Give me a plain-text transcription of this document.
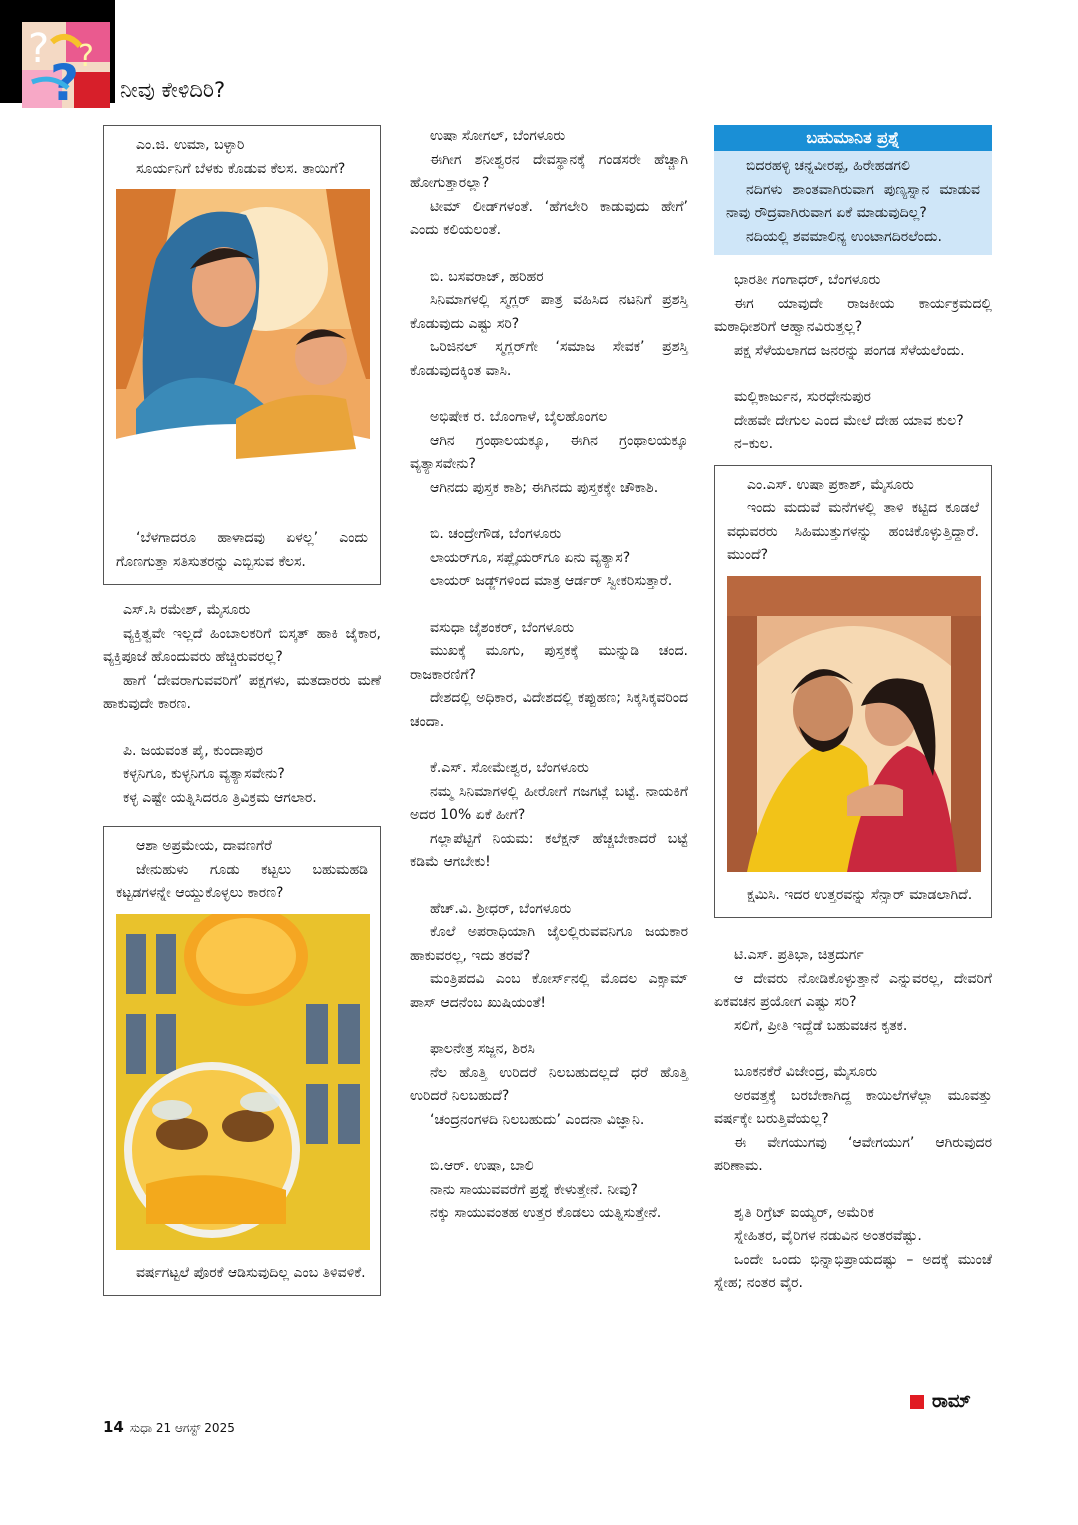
?
?
?
ನೀವು ಕೇಳಿದಿರಿ?
ಎಂ.ಜಿ. ಉಮಾ, ಬಳ್ಳಾರಿ
ಸೂರ್ಯನಿಗೆ ಬೆಳಕು ಕೊಡುವ ಕೆಲಸ. ತಾಯಿಗೆ?
‘ಬೆಳಗಾದರೂ ಹಾಳಾದವು ಏಳಲ್ಲ’ ಎಂದು ಗೊಣಗುತ್ತಾ ಸತಿಸುತರನ್ನು ಎಬ್ಬಿಸುವ ಕೆಲಸ.
ಎಸ್.ಸಿ ರಮೇಶ್, ಮೈಸೂರು
ವ್ಯಕ್ತಿತ್ವವೇ ಇಲ್ಲದೆ ಹಿಂಬಾಲಕರಿಗೆ ಬಿಸ್ಕತ್ ಹಾಕಿ ಜೈಕಾರ, ವ್ಯಕ್ತಿಪೂಜೆ ಹೊಂದುವರು ಹೆಚ್ಚಿರುವರಲ್ಲ?
ಹಾಗೆ ‘ದೇವರಾಗುವವರಿಗೆ’ ಪಕ್ಷಗಳು, ಮತದಾರರು ಮಣೆ ಹಾಕುವುದೇ ಕಾರಣ.
ಪಿ. ಜಯವಂತ ಪೈ, ಕುಂದಾಪುರ
ಕಳ್ಳನಿಗೂ, ಕುಳ್ಳನಿಗೂ ವ್ಯತ್ಯಾಸವೇನು?
ಕಳ್ಳ ಎಷ್ಟೇ ಯತ್ನಿಸಿದರೂ ತ್ರಿವಿಕ್ರಮ ಆಗಲಾರ.
ಆಶಾ ಅಪ್ರಮೇಯ, ದಾವಣಗೆರೆ
ಜೇನುಹುಳು ಗೂಡು ಕಟ್ಟಲು ಬಹುಮಹಡಿ ಕಟ್ಟಡಗಳನ್ನೇ ಆಯ್ದುಕೊಳ್ಳಲು ಕಾರಣ?
ವರ್ಷಗಟ್ಟಲೆ ಪೊರಕೆ ಆಡಿಸುವುದಿಲ್ಲ ಎಂಬ ತಿಳಿವಳಿಕೆ.
ಉಷಾ ಸೋಗಲ್, ಬೆಂಗಳೂರು
ಈಗೀಗ ಶನೀಶ್ವರನ ದೇವಸ್ಥಾನಕ್ಕೆ ಗಂಡಸರೇ ಹೆಚ್ಚಾಗಿ ಹೋಗುತ್ತಾರಲ್ಲಾ?
ಟೀಮ್ ಲೀಡ್‌ಗಳಂತೆ. ‘ಹೆಗಲೇರಿ ಕಾಡುವುದು ಹೇಗೆ’ ಎಂದು ಕಲಿಯಲಂತೆ.
ಬಿ. ಬಸವರಾಜ್, ಹರಿಹರ
ಸಿನಿಮಾಗಳಲ್ಲಿ ಸ್ಮಗ್ಲರ್ ಪಾತ್ರ ವಹಿಸಿದ ನಟನಿಗೆ ಪ್ರಶಸ್ತಿ ಕೊಡುವುದು ಎಷ್ಟು ಸರಿ?
ಒರಿಜಿನಲ್ ಸ್ಮಗ್ಲರ್‌ಗೇ ‘ಸಮಾಜ ಸೇವಕ’ ಪ್ರಶಸ್ತಿ ಕೊಡುವುದಕ್ಕಿಂತ ವಾಸಿ.
ಅಭಿಷೇಕ ರ. ಬೊಂಗಾಳೆ, ಬೈಲಹೊಂಗಲ
ಆಗಿನ ಗ್ರಂಥಾಲಯಕ್ಕೂ, ಈಗಿನ ಗ್ರಂಥಾಲಯಕ್ಕೂ ವ್ಯತ್ಯಾಸವೇನು?
ಆಗಿನದು ಪುಸ್ತಕ ಕಾಶಿ; ಈಗಿನದು ಪುಸ್ತಕಕ್ಕೇ ಚೌಕಾಶಿ.
ಬಿ. ಚಂದ್ರೇಗೌಡ, ಬೆಂಗಳೂರು
ಲಾಯರ್‌ಗೂ, ಸಪ್ಲೈಯರ್‌ಗೂ ಏನು ವ್ಯತ್ಯಾಸ?
ಲಾಯರ್ ಜಡ್ಜ್‌ಗಳಿಂದ ಮಾತ್ರ ಆರ್ಡರ್ ಸ್ವೀಕರಿಸುತ್ತಾರೆ.
ವಸುಧಾ ಜೈಶಂಕರ್, ಬೆಂಗಳೂರು
ಮುಖಕ್ಕೆ ಮೂಗು, ಪುಸ್ತಕಕ್ಕೆ ಮುನ್ನುಡಿ ಚಂದ. ರಾಜಕಾರಣಿಗೆ?
ದೇಶದಲ್ಲಿ ಅಧಿಕಾರ, ವಿದೇಶದಲ್ಲಿ ಕಪ್ಪುಹಣ; ಸಿಕ್ಕಸಿಕ್ಕವರಿಂದ ಚಂದಾ.
ಕೆ.ಎಸ್. ಸೋಮೇಶ್ವರ, ಬೆಂಗಳೂರು
ನಮ್ಮ ಸಿನಿಮಾಗಳಲ್ಲಿ ಹೀರೋಗೆ ಗಜಗಟ್ಲೆ ಬಟ್ಟೆ. ನಾಯಕಿಗೆ ಅದರ 10% ಏಕೆ ಹೀಗೆ?
ಗಲ್ಲಾಪೆಟ್ಟಿಗೆ ನಿಯಮ: ಕಲೆಕ್ಷನ್ ಹೆಚ್ಚಬೇಕಾದರೆ ಬಟ್ಟೆ ಕಡಿಮೆ ಆಗಬೇಕು!
ಹೆಚ್.ವಿ. ಶ್ರೀಧರ್, ಬೆಂಗಳೂರು
ಕೊಲೆ ಅಪರಾಧಿಯಾಗಿ ಜೈಲಲ್ಲಿರುವವನಿಗೂ ಜಯಕಾರ ಹಾಕುವರಲ್ಲ, ಇದು ತರವೆ?
ಮಂತ್ರಿಪದವಿ ಎಂಬ ಕೋರ್ಸ್‌ನಲ್ಲಿ ಮೊದಲ ಎಕ್ಸಾಮ್ ಪಾಸ್ ಆದನೆಂಬ ಖುಷಿಯಂತೆ!
ಫಾಲನೇತ್ರ ಸಜ್ಜನ, ಶಿರಸಿ
ನೆಲ ಹೊತ್ತಿ ಉರಿದರೆ ನಿಲಬಹುದಲ್ಲದೆ ಧರೆ ಹೊತ್ತಿ ಉರಿದರೆ ನಿಲಬಹುದೆ?
‘ಚಂದ್ರನಂಗಳದಿ ನಿಲಬಹುದು’ ಎಂದನಾ ವಿಜ್ಞಾನಿ.
ಬಿ.ಆರ್. ಉಷಾ, ಬಾಲಿ
ನಾನು ಸಾಯುವವರೆಗೆ ಪ್ರಶ್ನೆ ಕೇಳುತ್ತೇನೆ. ನೀವು?
ನಕ್ಕು ಸಾಯುವಂತಹ ಉತ್ತರ ಕೊಡಲು ಯತ್ನಿಸುತ್ತೇನೆ.
ಬಹುಮಾನಿತ ಪ್ರಶ್ನೆ
ಬಿದರಹಳ್ಳಿ ಚನ್ನವೀರಪ್ಪ, ಹಿರೇಹಡಗಲಿ
ನದಿಗಳು ಶಾಂತವಾಗಿರುವಾಗ ಪುಣ್ಯಸ್ನಾನ ಮಾಡುವ ನಾವು ರೌದ್ರವಾಗಿರುವಾಗ ಏಕೆ ಮಾಡುವುದಿಲ್ಲ?
ನದಿಯಲ್ಲಿ ಶವಮಾಲಿನ್ಯ ಉಂಟಾಗದಿರಲೆಂದು.
ಭಾರತೀ ಗಂಗಾಧರ್, ಬೆಂಗಳೂರು
ಈಗ ಯಾವುದೇ ರಾಜಕೀಯ ಕಾರ್ಯಕ್ರಮದಲ್ಲಿ ಮಠಾಧೀಶರಿಗೆ ಆಹ್ವಾನವಿರುತ್ತಲ್ಲ?
ಪಕ್ಷ ಸೆಳೆಯಲಾಗದ ಜನರನ್ನು ಪಂಗಡ ಸೆಳೆಯಲೆಂದು.
ಮಲ್ಲಿಕಾರ್ಜುನ, ಸುರಧೇನುಪುರ
ದೇಹವೇ ದೇಗುಲ ಎಂದ ಮೇಲೆ ದೇಹ ಯಾವ ಕುಲ?
ನ–ಕುಲ.
ಎಂ.ಎಸ್. ಉಷಾ ಪ್ರಕಾಶ್, ಮೈಸೂರು
ಇಂದು ಮದುವೆ ಮನೆಗಳಲ್ಲಿ ತಾಳಿ ಕಟ್ಟಿದ ಕೂಡಲೆ ವಧುವರರು ಸಿಹಿಮುತ್ತುಗಳನ್ನು ಹಂಚಿಕೊಳ್ಳುತ್ತಿದ್ದಾರೆ. ಮುಂದೆ?
ಕ್ಷಮಿಸಿ. ಇದರ ಉತ್ತರವನ್ನು ಸೆನ್ಸಾರ್ ಮಾಡಲಾಗಿದೆ.
ಟಿ.ಎಸ್. ಪ್ರತಿಭಾ, ಚಿತ್ರದುರ್ಗ
ಆ ದೇವರು ನೋಡಿಕೊಳ್ಳುತ್ತಾನೆ ಎನ್ನುವರಲ್ಲ, ದೇವರಿಗೆ ಏಕವಚನ ಪ್ರಯೋಗ ಎಷ್ಟು ಸರಿ?
ಸಲಿಗೆ, ಪ್ರೀತಿ ಇದ್ದೆಡೆ ಬಹುವಚನ ಕೃತಕ.
ಬೂಕನಕೆರೆ ವಿಜೇಂದ್ರ, ಮೈಸೂರು
ಅರವತ್ತಕ್ಕೆ ಬರಬೇಕಾಗಿದ್ದ ಕಾಯಿಲೆಗಳೆಲ್ಲಾ ಮೂವತ್ತು ವರ್ಷಕ್ಕೇ ಬರುತ್ತಿವೆಯಲ್ಲ?
ಈ ವೇಗಯುಗವು ‘ಆವೇಗಯುಗ’ ಆಗಿರುವುದರ ಪರಿಣಾಮ.
ಶೃತಿ ರಿಗ್ರೆಟ್ ಐಯ್ಯರ್, ಅಮೆರಿಕ
ಸ್ನೇಹಿತರ, ವೈರಿಗಳ ನಡುವಿನ ಅಂತರವೆಷ್ಟು.
ಒಂದೇ ಒಂದು ಭಿನ್ನಾಭಿಪ್ರಾಯದಷ್ಟು – ಅದಕ್ಕೆ ಮುಂಚೆ ಸ್ನೇಹ; ನಂತರ ವೈರ.
ರಾಮ್
14 ಸುಧಾ 21 ಆಗಸ್ಟ್ 2025
